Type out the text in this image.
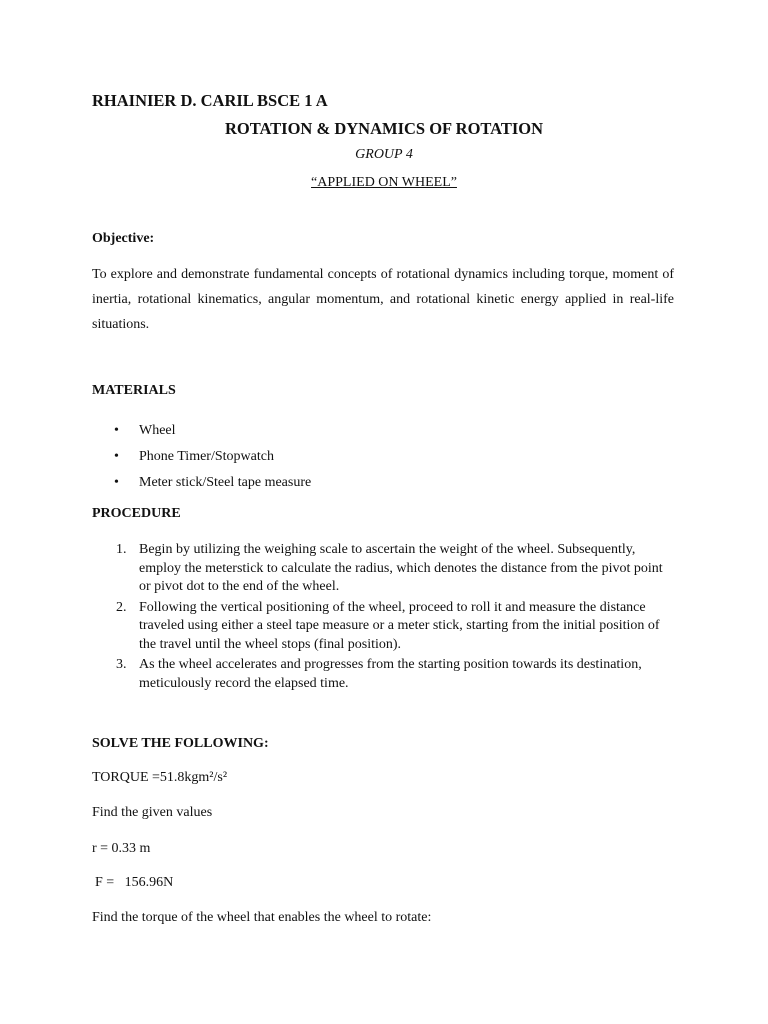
RHAINIER D. CARIL BSCE 1 A
ROTATION & DYNAMICS OF ROTATION
GROUP 4
“APPLIED ON WHEEL”
Objective:
To explore and demonstrate fundamental concepts of rotational dynamics including torque, moment of inertia, rotational kinematics, angular momentum, and rotational kinetic energy applied in real-life situations.
MATERIALS
• Wheel
• Phone Timer/Stopwatch
• Meter stick/Steel tape measure
PROCEDURE
1. Begin by utilizing the weighing scale to ascertain the weight of the wheel. Subsequently, employ the meterstick to calculate the radius, which denotes the distance from the pivot point or pivot dot to the end of the wheel.
2. Following the vertical positioning of the wheel, proceed to roll it and measure the distance traveled using either a steel tape measure or a meter stick, starting from the initial position of the travel until the wheel stops (final position).
3. As the wheel accelerates and progresses from the starting position towards its destination, meticulously record the elapsed time.
SOLVE THE FOLLOWING:
TORQUE =51.8kgm²/s²
Find the given values
r = 0.33 m
F =   156.96N
Find the torque of the wheel that enables the wheel to rotate:
